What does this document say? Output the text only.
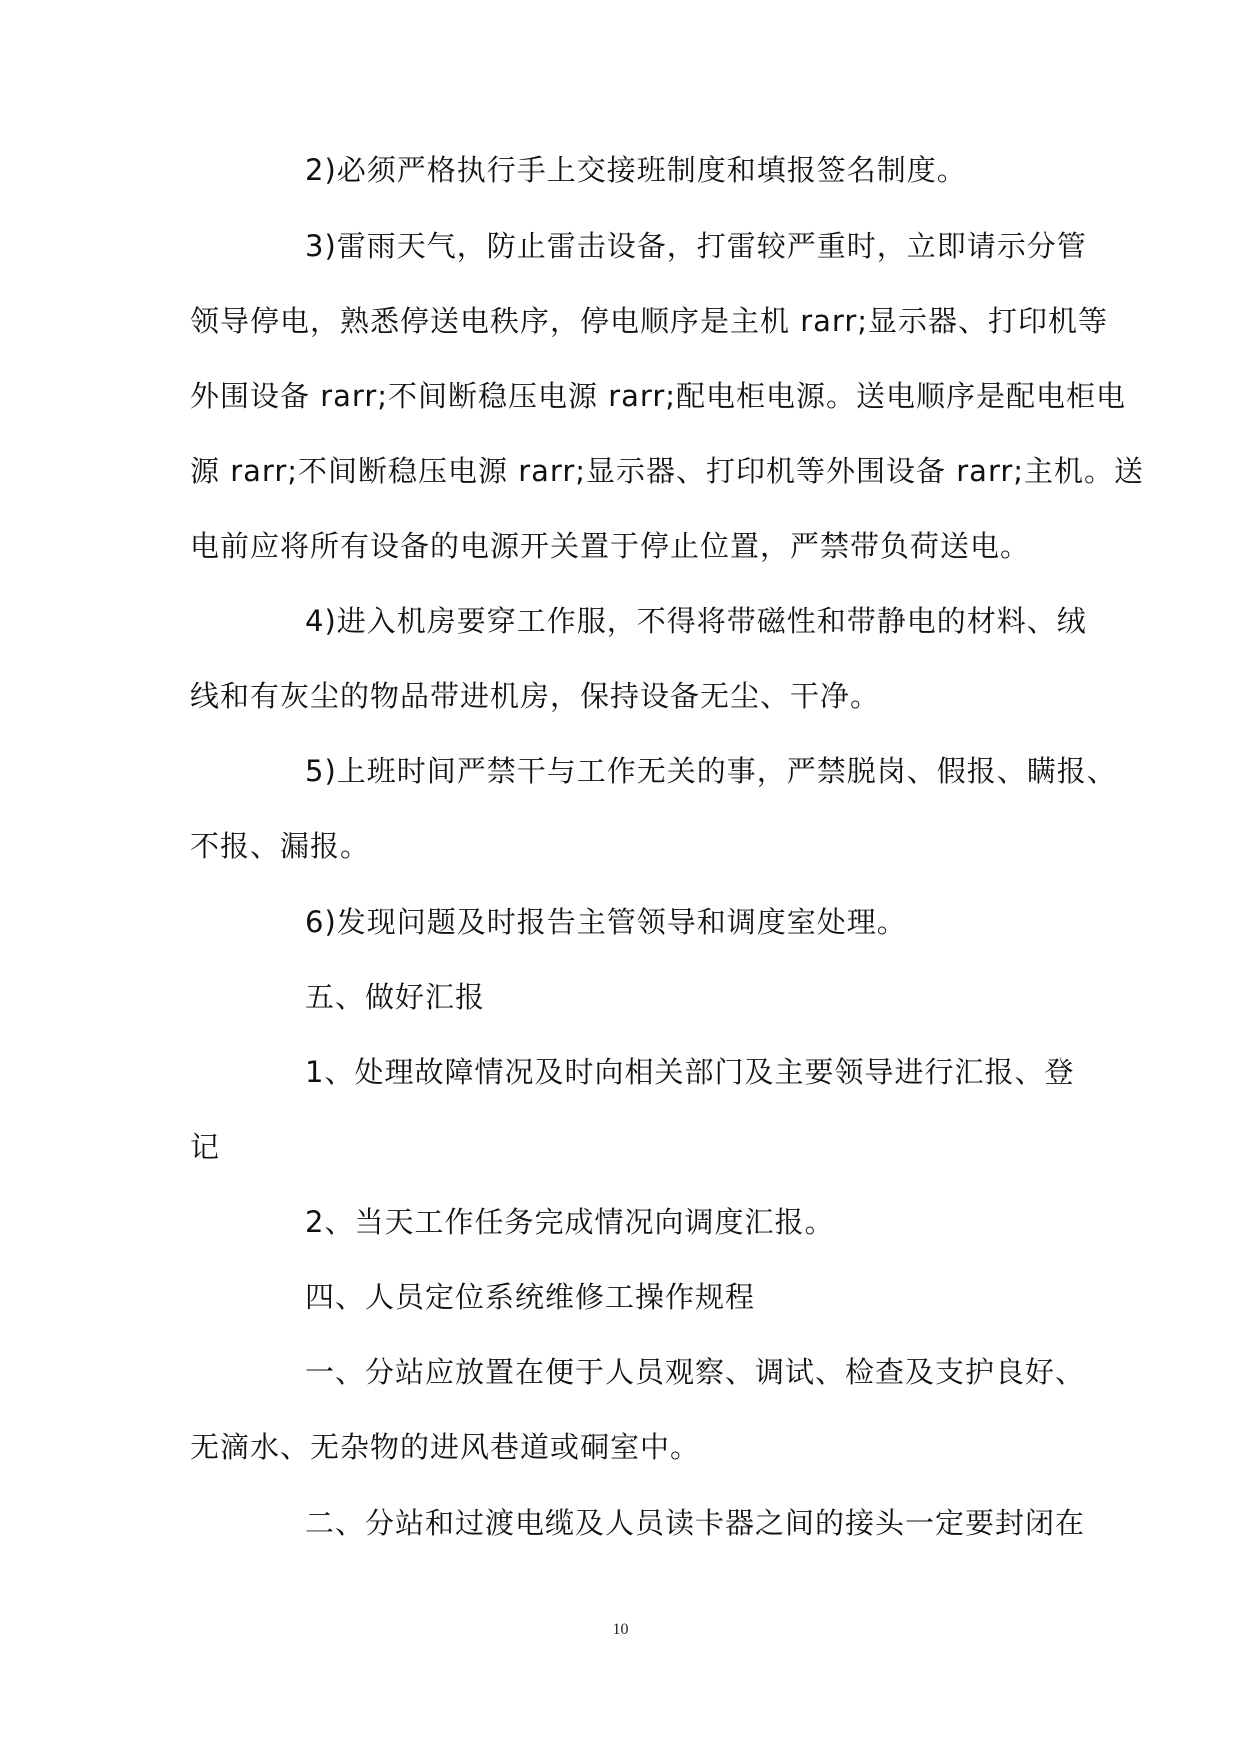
2)必须严格执行手上交接班制度和填报签名制度。
3)雷雨天气，防止雷击设备，打雷较严重时，立即请示分管
领导停电，熟悉停送电秩序，停电顺序是主机 rarr;显示器、打印机等
外围设备 rarr;不间断稳压电源 rarr;配电柜电源。送电顺序是配电柜电
源 rarr;不间断稳压电源 rarr;显示器、打印机等外围设备 rarr;主机。送
电前应将所有设备的电源开关置于停止位置，严禁带负荷送电。
4)进入机房要穿工作服，不得将带磁性和带静电的材料、绒
线和有灰尘的物品带进机房，保持设备无尘、干净。
5)上班时间严禁干与工作无关的事，严禁脱岗、假报、瞒报、
不报、漏报。
6)发现问题及时报告主管领导和调度室处理。
五、做好汇报
1、处理故障情况及时向相关部门及主要领导进行汇报、登
记
2、当天工作任务完成情况向调度汇报。
四、人员定位系统维修工操作规程
一、分站应放置在便于人员观察、调试、检查及支护良好、
无滴水、无杂物的进风巷道或硐室中。
二、分站和过渡电缆及人员读卡器之间的接头一定要封闭在
10
